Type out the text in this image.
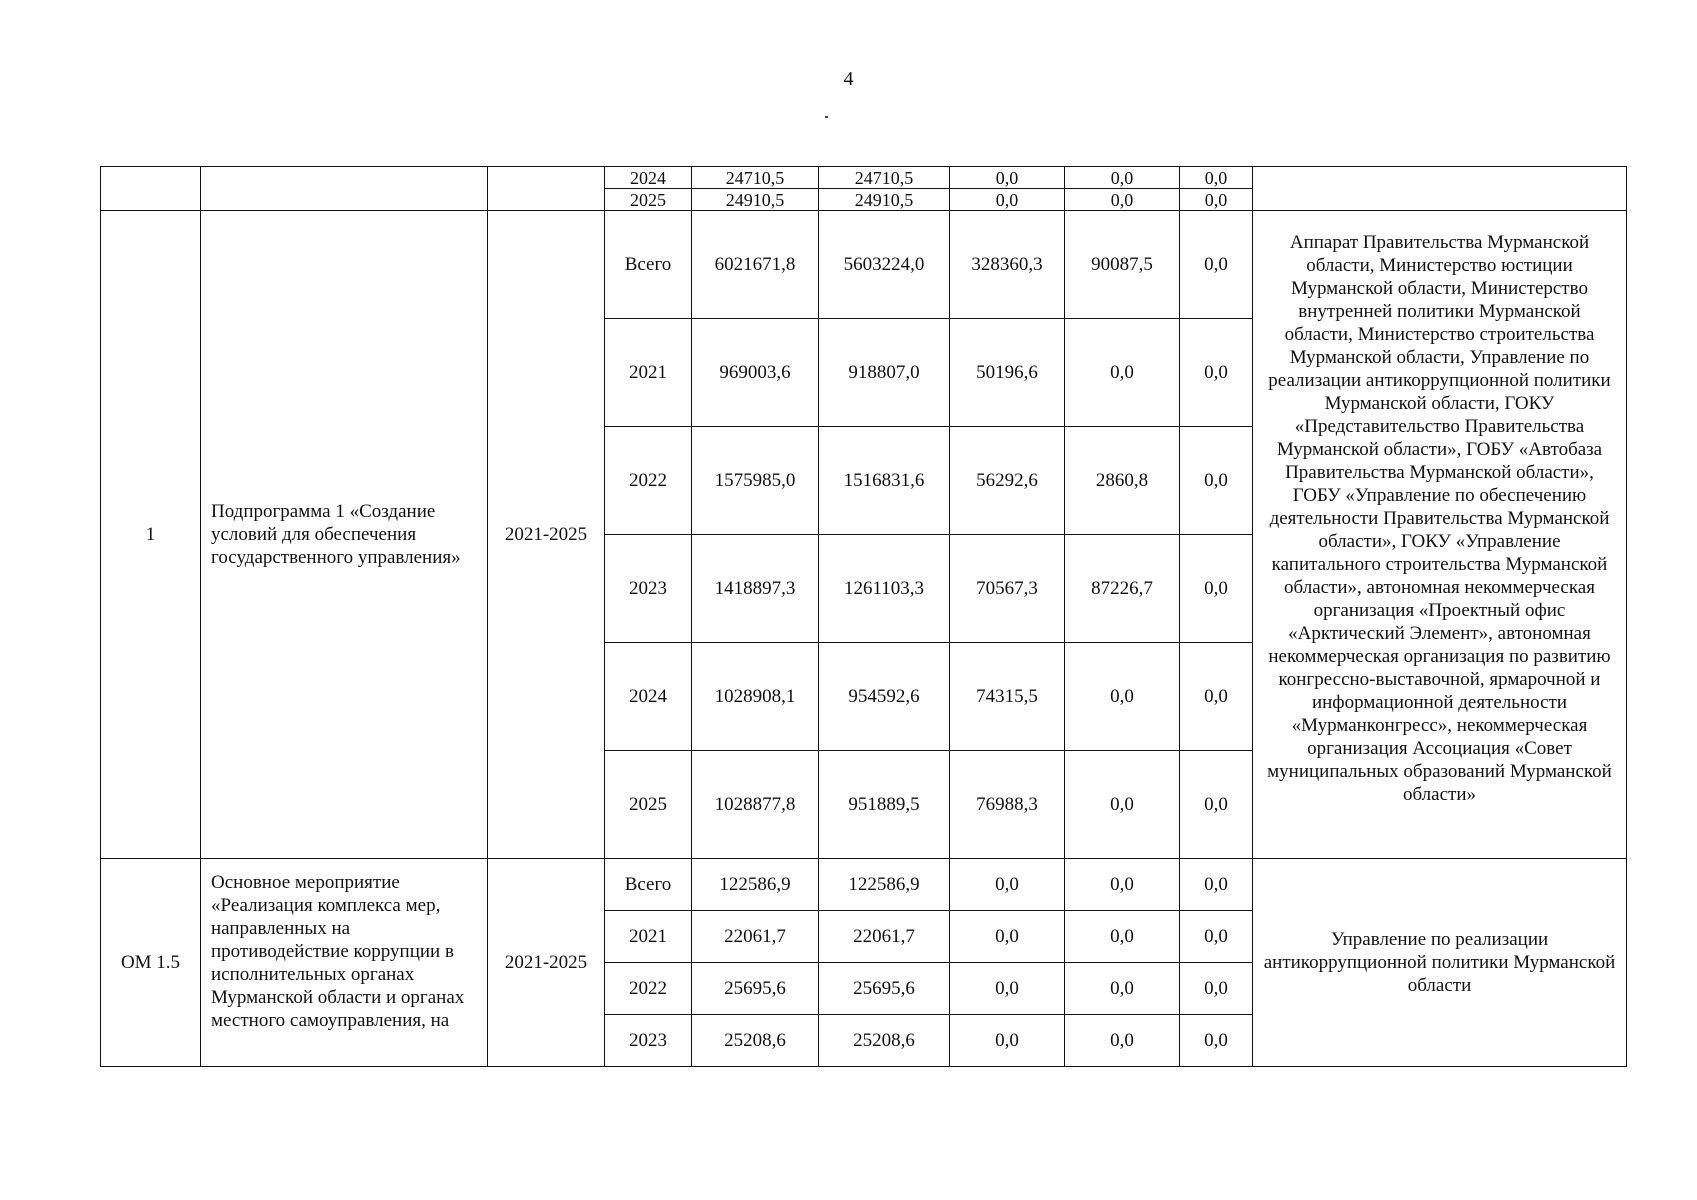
4
			2024	24710,5	24710,5	0,0	0,0	0,0	
			2025	24910,5	24910,5	0,0	0,0	0,0	
1	Подпрограмма 1 «Создание условий для обеспечения государственного управления»	2021-2025	Всего	6021671,8	5603224,0	328360,3	90087,5	0,0	Аппарат Правительства Мурманской области, Министерство юстиции Мурманской области, Министерство внутренней политики Мурманской области, Министерство строительства Мурманской области, Управление по реализации антикоррупционной политики Мурманской области, ГОКУ «Представительство Правительства Мурманской области», ГОБУ «Автобаза Правительства Мурманской области», ГОБУ «Управление по обеспечению деятельности Правительства Мурманской области», ГОКУ «Управление капитального строительства Мурманской области», автономная некоммерческая организация «Проектный офис «Арктический Элемент», автономная некоммерческая организация по развитию конгрессно-выставочной, ярмарочной и информационной деятельности «Мурманконгресс», некоммерческая организация Ассоциация «Совет муниципальных образований Мурманской области»
			2021	969003,6	918807,0	50196,6	0,0	0,0	
			2022	1575985,0	1516831,6	56292,6	2860,8	0,0	
			2023	1418897,3	1261103,3	70567,3	87226,7	0,0	
			2024	1028908,1	954592,6	74315,5	0,0	0,0	
			2025	1028877,8	951889,5	76988,3	0,0	0,0	
ОМ 1.5	Основное мероприятие «Реализация комплекса мер, направленных на противодействие коррупции в исполнительных органах Мурманской области и органах местного самоуправления, на	2021-2025	Всего	122586,9	122586,9	0,0	0,0	0,0	Управление по реализации антикоррупционной политики Мурманской области
			2021	22061,7	22061,7	0,0	0,0	0,0	
			2022	25695,6	25695,6	0,0	0,0	0,0	
			2023	25208,6	25208,6	0,0	0,0	0,0	
